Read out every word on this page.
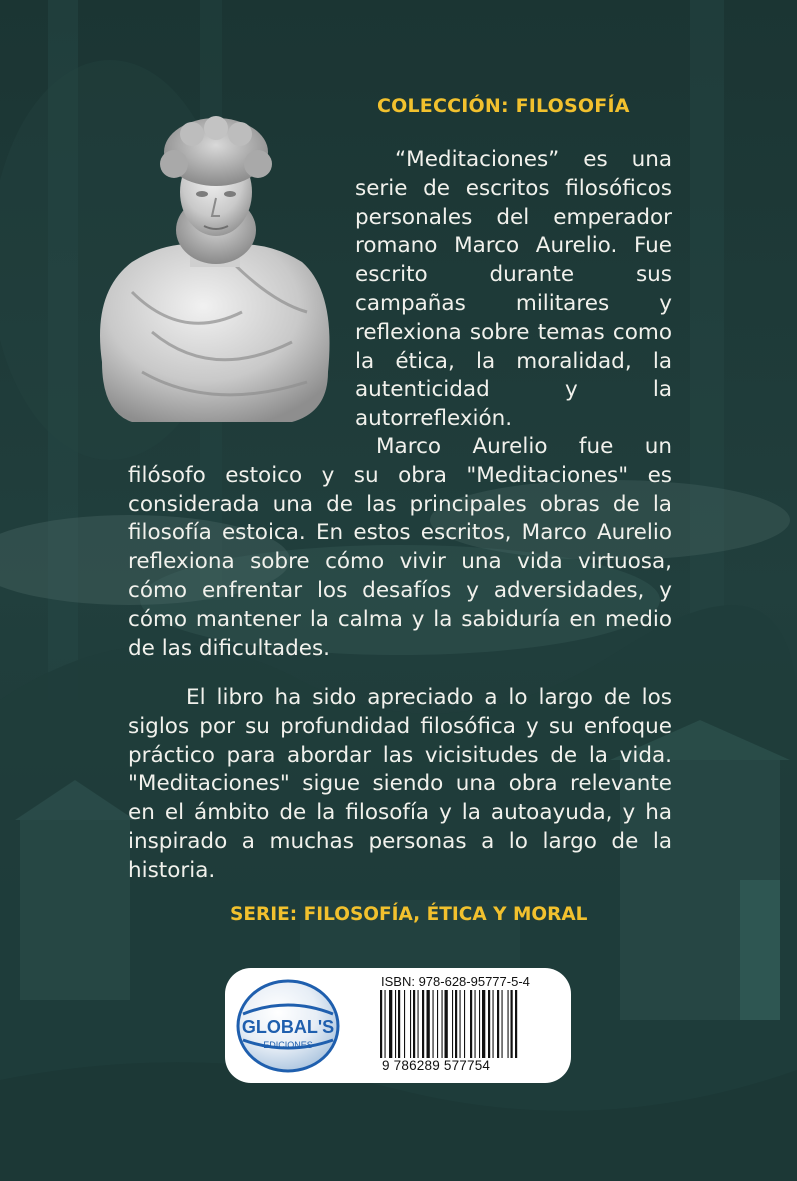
COLECCIÓN: FILOSOFÍA

“Meditaciones” es una serie de escritos filosóficos personales del emperador romano Marco Aurelio. Fue escrito durante sus campañas militares y reflexiona sobre temas como la ética, la moralidad, la autenticidad y la autorreflexión.

Marco Aurelio fue un filósofo estoico y su obra "Meditaciones" es considerada una de las principales obras de la filosofía estoica. En estos escritos, Marco Aurelio reflexiona sobre cómo vivir una vida virtuosa, cómo enfrentar los desafíos y adversidades, y cómo mantener la calma y la sabiduría en medio de las dificultades.

El libro ha sido apreciado a lo largo de los siglos por su profundidad filosófica y su enfoque práctico para abordar las vicisitudes de la vida. "Meditaciones" sigue siendo una obra relevante en el ámbito de la filosofía y la autoayuda, y ha inspirado a muchas personas a lo largo de la historia.

SERIE: FILOSOFÍA, ÉTICA Y MORAL
GLOBAL'S
EDICIONES
ISBN: 978-628-95777-5-4
9 786289 577754
